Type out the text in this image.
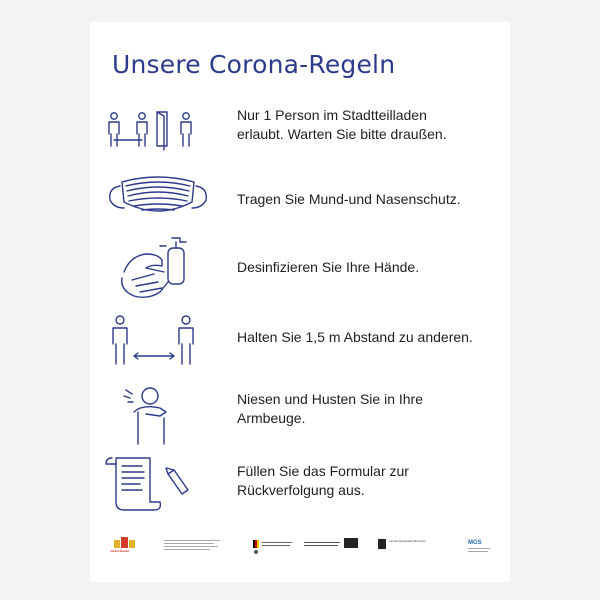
Unsere Corona-Regeln
Nur 1 Person im Stadtteilladen
erlaubt. Warten Sie bitte draußen.
Tragen Sie Mund-und Nasenschutz.
Desinfizieren Sie Ihre Hände.
Halten Sie 1,5 m Abstand zu anderen.
Niesen und Husten Sie in Ihre
Armbeuge.
Füllen Sie das Formular zur
Rückverfolgung aus.
stadtteilladen
Landeshauptstadt München	MGS
